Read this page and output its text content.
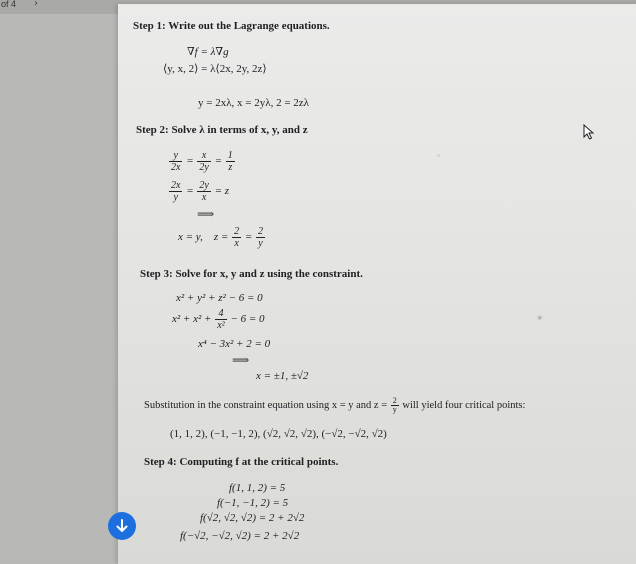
of 4 ›
Step 1: Write out the Lagrange equations.
∇f = λ∇g
⟨y, x, 2⟩ = λ⟨2x, 2y, 2z⟩
y = 2xλ, x = 2yλ, 2 = 2zλ
Step 2: Solve λ in terms of x, y, and z
$\frac{y}{2x} = \frac{x}{2y} = \frac{1}{z}$
$\frac{2x}{y} = \frac{2y}{x} = z$
⟹
x = y, $z = \frac{2}{x} = \frac{2}{y}$
Step 3: Solve for x, y and z using the constraint.
x² + y² + z² − 6 = 0
$x^2 + x^2 + \frac{4}{\text{x²}} - 6 = 0$
x⁴ − 3x² + 2 = 0
⟹
x = ±1, ±√2
Substitution in the constraint equation using x = y and $z = \frac{2}{y}$ will yield four critical points:
(1, 1, 2), (−1, −1, 2), (√2, √2, √2), (−√2, −√2, √2)
Step 4: Computing f at the critical points.
f(1, 1, 2) = 5
f(−1, −1, 2) = 5
f(√2, √2, √2) = 2 + 2√2
f(−√2, −√2, √2) = 2 + 2√2
◦
✶
